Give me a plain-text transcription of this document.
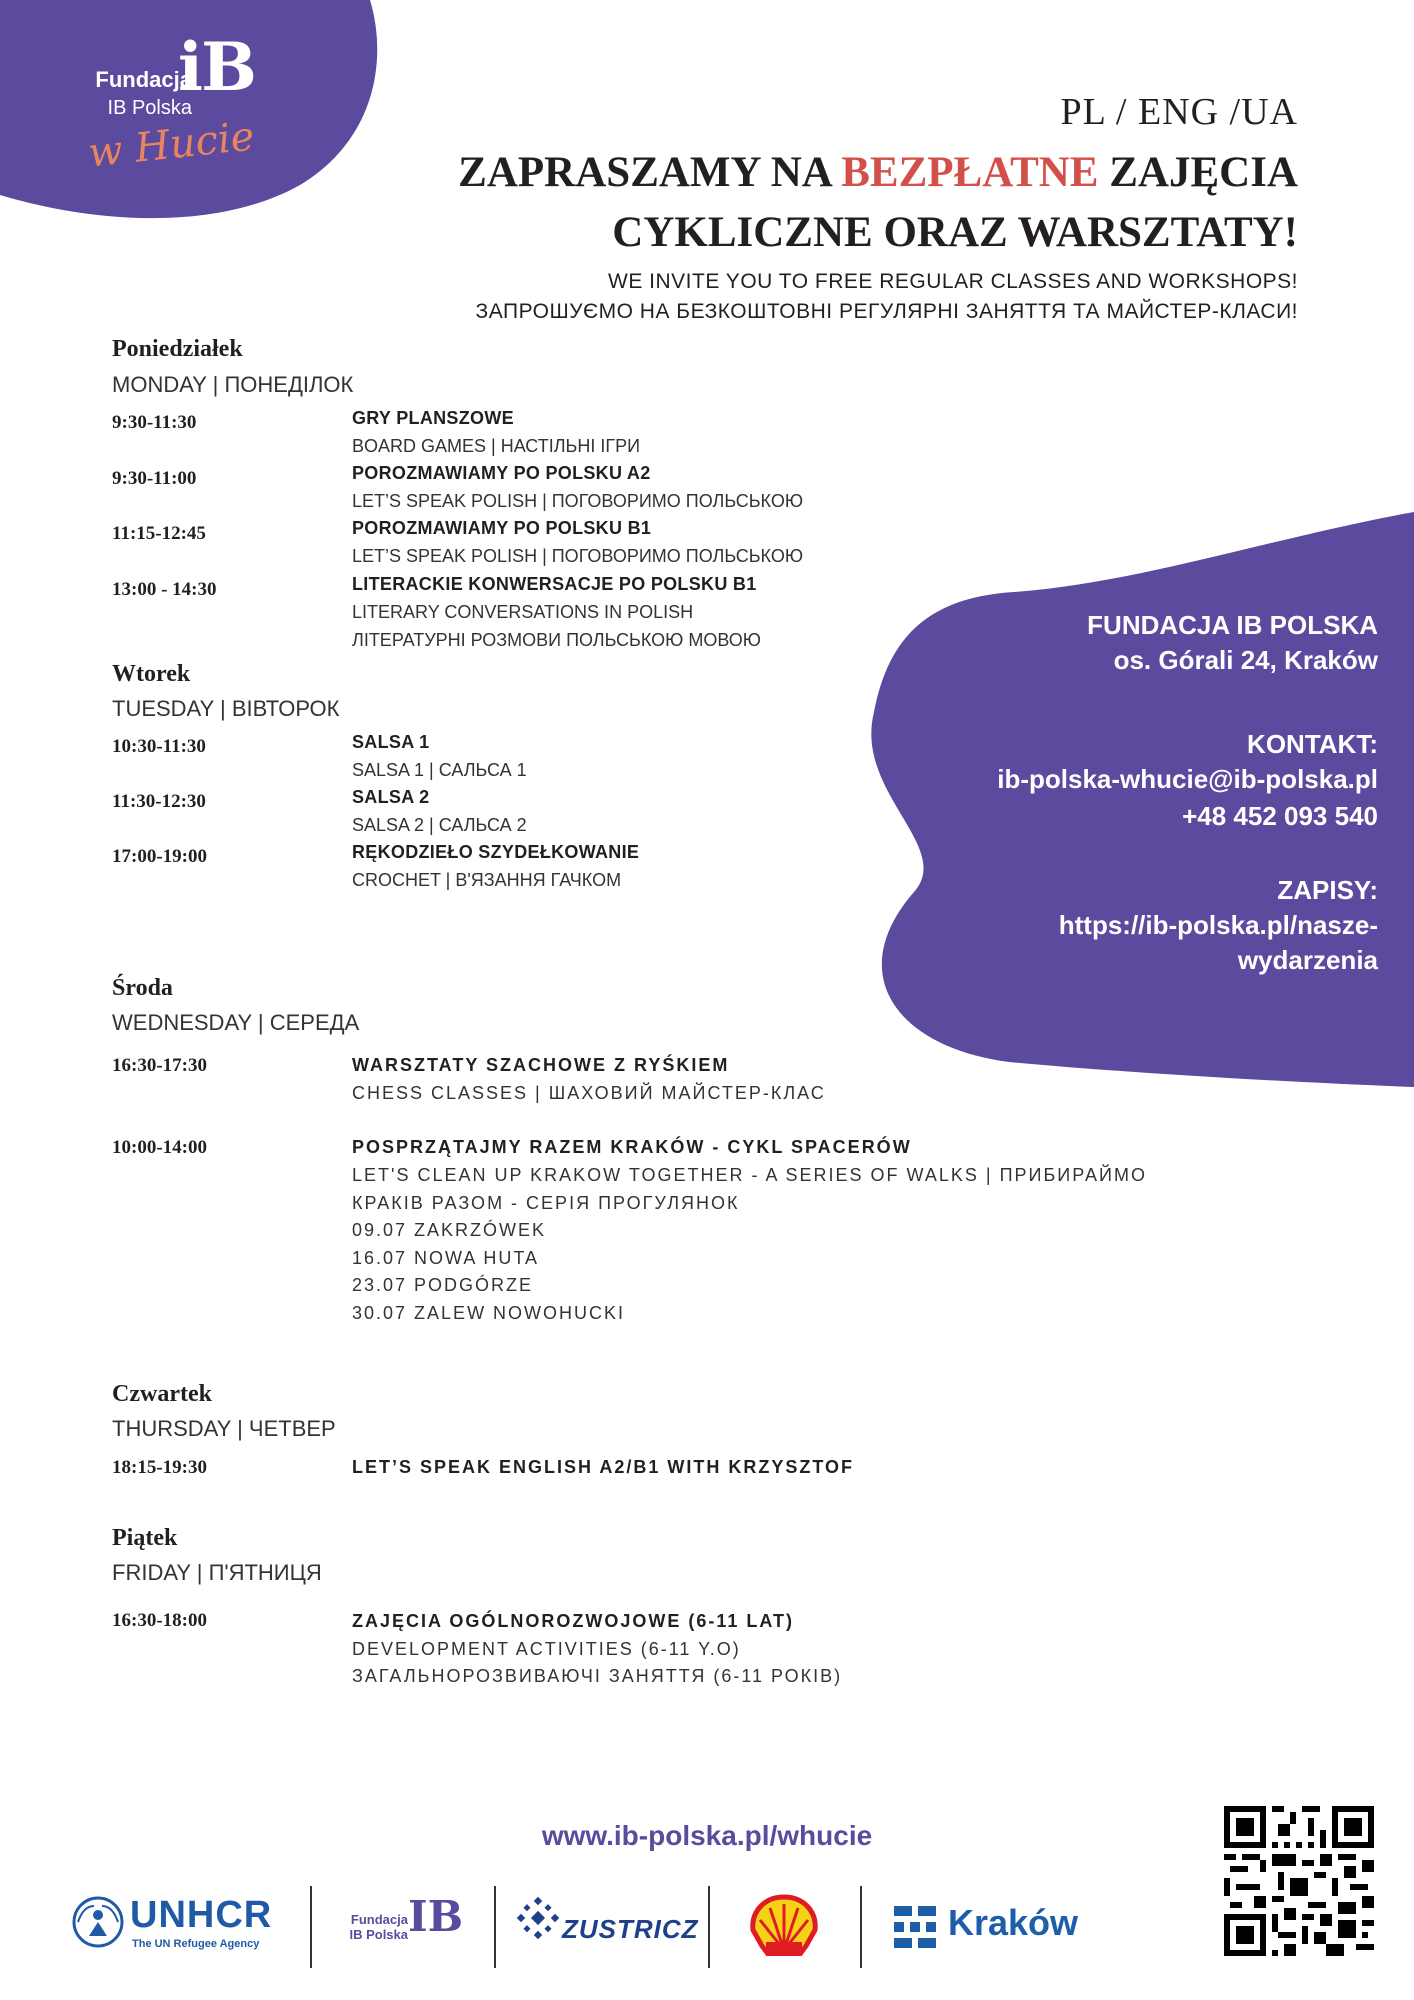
Fundacja
IB Polska
iB
w Hucie
PL / ENG /UA
ZAPRASZAMY NA BEZPŁATNE ZAJĘCIA
CYKLICZNE ORAZ WARSZTATY!
WE INVITE YOU TO FREE REGULAR CLASSES AND WORKSHOPS!
ЗАПРОШУЄМО НА БЕЗКОШТОВНІ РЕГУЛЯРНІ ЗАНЯТТЯ ТА МАЙСТЕР-КЛАСИ!
Poniedziałek
MONDAY | ПОНЕДІЛОК
9:30-11:30	GRY PLANSZOWE
BOARD GAMES | НАСТІЛЬНІ ІГРИ
9:30-11:00	POROZMAWIAMY PO POLSKU A2
LET’S SPEAK POLISH | ПОГОВОРИМО ПОЛЬСЬКОЮ
11:15-12:45	POROZMAWIAMY PO POLSKU B1
LET’S SPEAK POLISH | ПОГОВОРИМО ПОЛЬСЬКОЮ
13:00 - 14:30	LITERACKIE KONWERSACJE PO POLSKU B1
LITERARY CONVERSATIONS IN POLISH
ЛІТЕРАТУРНІ РОЗМОВИ ПОЛЬСЬКОЮ МОВОЮ
Wtorek
TUESDAY | ВІВТОРОК
10:30-11:30	SALSA 1
SALSA 1 | САЛЬСА 1
11:30-12:30	SALSA 2
SALSA 2 | САЛЬСА 2
17:00-19:00	RĘKODZIEŁO SZYDEŁKOWANIE
CROCHET | В'ЯЗАННЯ ГАЧКОМ
Środa
WEDNESDAY | СЕРЕДА
16:30-17:30	WARSZTATY SZACHOWE Z RYŚKIEM
CHESS CLASSES | ШАХОВИЙ МАЙСТЕР-КЛАС
10:00-14:00	POSPRZĄTAJMY RAZEM KRAKÓW - CYKL SPACERÓW
LET'S CLEAN UP KRAKOW TOGETHER - A SERIES OF WALKS | ПРИБИРАЙМО
КРАКІВ РАЗОМ - СЕРІЯ ПРОГУЛЯНОК
09.07 ZAKRZÓWEK
16.07 NOWA HUTA
23.07 PODGÓRZE
30.07 ZALEW NOWOHUCKI
Czwartek
THURSDAY | ЧЕТВЕР
18:15-19:30	LET’S SPEAK ENGLISH A2/B1 WITH KRZYSZTOF
Piątek
FRIDAY | П'ЯТНИЦЯ
16:30-18:00	ZAJĘCIA OGÓLNOROZWOJOWE (6-11 LAT)
DEVELOPMENT ACTIVITIES (6-11 Y.O)
ЗАГАЛЬНОРОЗВИВАЮЧІ ЗАНЯТТЯ (6-11 РОКІВ)
FUNDACJA IB POLSKA
os. Górali 24, Kraków
KONTAKT:
ib-polska-whucie@ib-polska.pl
+48 452 093 540
ZAPISY:
https://ib-polska.pl/nasze-
wydarzenia
www.ib-polska.pl/whucie
UNHCR
The UN Refugee Agency
Fundacja
IB Polska IB	ZUSTRICZ	Kraków
